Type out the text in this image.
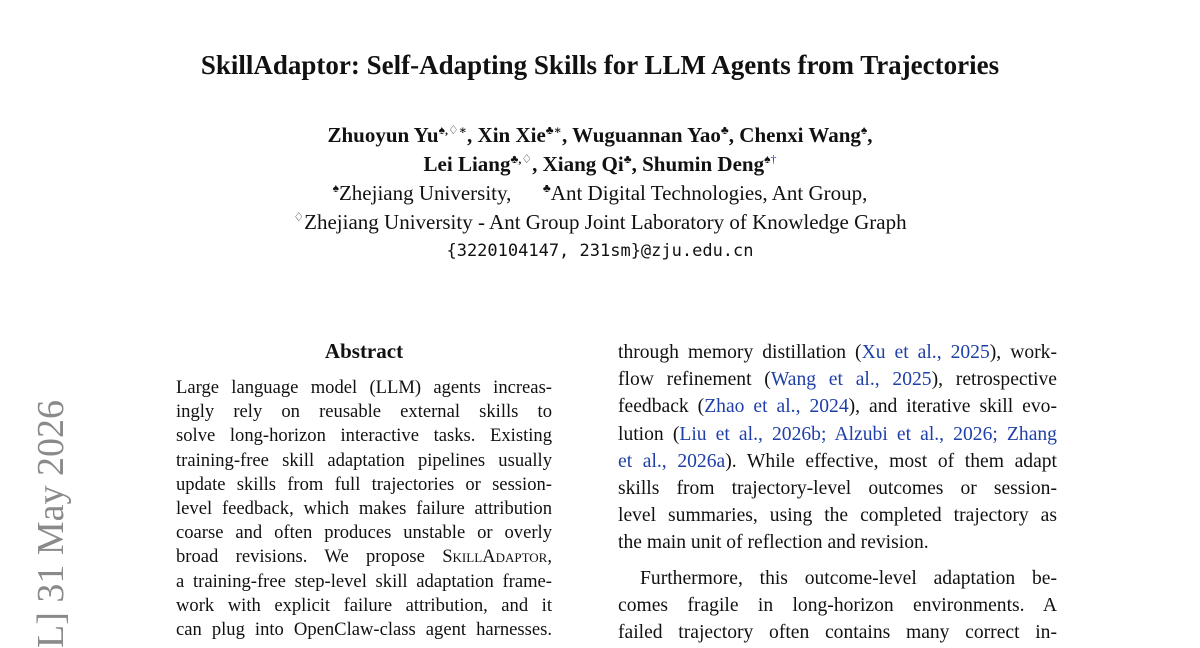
SkillAdaptor: Self-Adapting Skills for LLM Agents from Trajectories
Zhuoyun Yu♠,♢∗, Xin Xie♣∗, Wuguannan Yao♣, Chenxi Wang♠,
Lei Liang♣,♢, Xiang Qi♣, Shumin Deng♠†
♠Zhejiang University,	♣Ant Digital Technologies, Ant Group,
♢Zhejiang University - Ant Group Joint Laboratory of Knowledge Graph
{3220104147, 231sm}@zju.edu.cn
Abstract
Large language model (LLM) agents increas-
ingly rely on reusable external skills to
solve long-horizon interactive tasks. Existing
training-free skill adaptation pipelines usually
update skills from full trajectories or session-
level feedback, which makes failure attribution
coarse and often produces unstable or overly
broad revisions. We propose SkillAdaptor,
a training-free step-level skill adaptation frame-
work with explicit failure attribution, and it
can plug into OpenClaw-class agent harnesses.
through memory distillation (Xu et al., 2025), work-
flow refinement (Wang et al., 2025), retrospective
feedback (Zhao et al., 2024), and iterative skill evo-
lution (Liu et al., 2026b; Alzubi et al., 2026; Zhang
et al., 2026a). While effective, most of them adapt
skills from trajectory-level outcomes or session-
level summaries, using the completed trajectory as
the main unit of reflection and revision.
Furthermore, this outcome-level adaptation be-
comes fragile in long-horizon environments. A
failed trajectory often contains many correct in-
L] 31 May 2026
